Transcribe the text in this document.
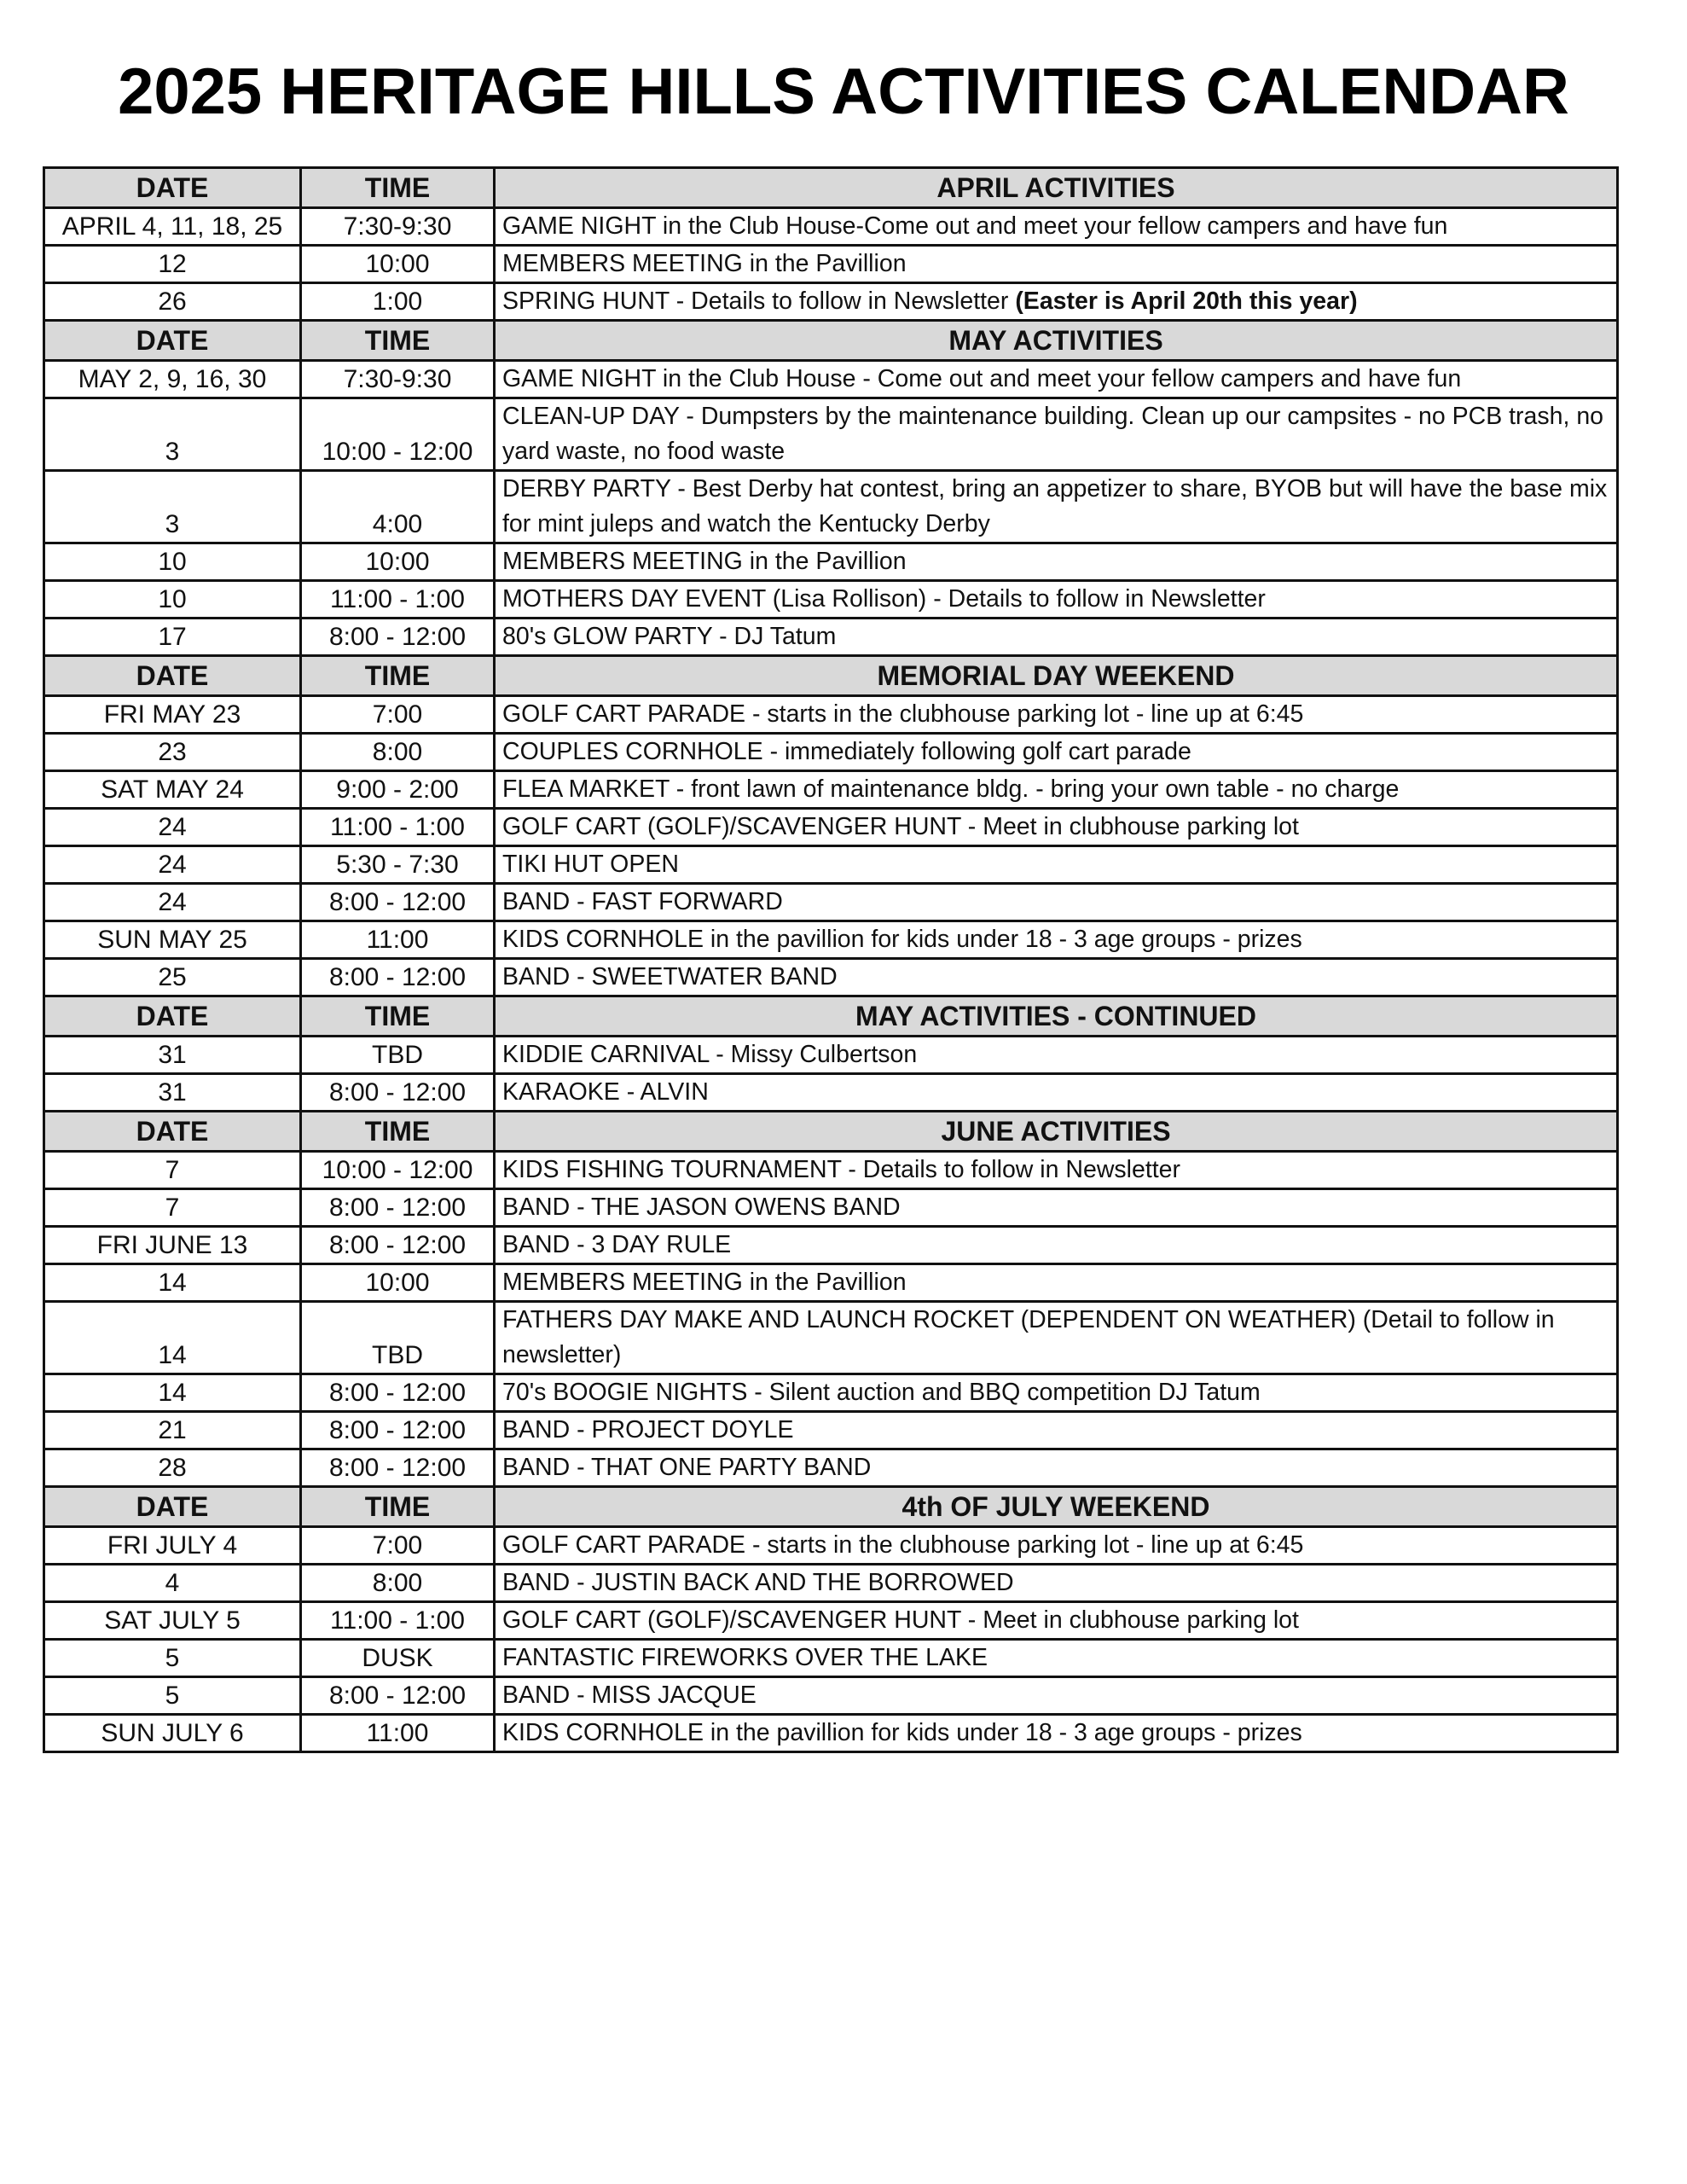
2025 HERITAGE HILLS ACTIVITIES CALENDAR
DATE	TIME	APRIL ACTIVITIES
APRIL 4, 11, 18, 25	7:30-9:30	GAME NIGHT in the Club House-Come out and meet your fellow campers and have fun
12	10:00	MEMBERS MEETING in the Pavillion
26	1:00	SPRING HUNT - Details to follow in Newsletter (Easter is April 20th this year)
DATE	TIME	MAY ACTIVITIES
MAY 2, 9, 16, 30	7:30-9:30	GAME NIGHT in the Club House - Come out and meet your fellow campers and have fun
3	10:00 - 12:00	CLEAN-UP DAY - Dumpsters by the maintenance building. Clean up our campsites - no PCB trash, no yard waste, no food waste
3	4:00	DERBY PARTY - Best Derby hat contest, bring an appetizer to share, BYOB but will have the base mix for mint juleps and watch the Kentucky Derby
10	10:00	MEMBERS MEETING in the Pavillion
10	11:00 - 1:00	MOTHERS DAY EVENT (Lisa Rollison) - Details to follow in Newsletter
17	8:00 - 12:00	80's GLOW PARTY - DJ Tatum
DATE	TIME	MEMORIAL DAY WEEKEND
FRI MAY 23	7:00	GOLF CART PARADE - starts in the clubhouse parking lot - line up at 6:45
23	8:00	COUPLES CORNHOLE - immediately following golf cart parade
SAT MAY 24	9:00 - 2:00	FLEA MARKET - front lawn of maintenance bldg. - bring your own table - no charge
24	11:00 - 1:00	GOLF CART (GOLF)/SCAVENGER HUNT - Meet in clubhouse parking lot
24	5:30 - 7:30	TIKI HUT OPEN
24	8:00 - 12:00	BAND - FAST FORWARD
SUN MAY 25	11:00	KIDS CORNHOLE in the pavillion for kids under 18 - 3 age groups - prizes
25	8:00 - 12:00	BAND - SWEETWATER BAND
DATE	TIME	MAY ACTIVITIES - CONTINUED
31	TBD	KIDDIE CARNIVAL - Missy Culbertson
31	8:00 - 12:00	KARAOKE - ALVIN
DATE	TIME	JUNE ACTIVITIES
7	10:00 - 12:00	KIDS FISHING TOURNAMENT - Details to follow in Newsletter
7	8:00 - 12:00	BAND - THE JASON OWENS BAND
FRI JUNE 13	8:00 - 12:00	BAND - 3 DAY RULE
14	10:00	MEMBERS MEETING in the Pavillion
14	TBD	FATHERS DAY MAKE AND LAUNCH ROCKET (DEPENDENT ON WEATHER) (Detail to follow in newsletter)
14	8:00 - 12:00	70's BOOGIE NIGHTS - Silent auction and BBQ competition DJ Tatum
21	8:00 - 12:00	BAND - PROJECT DOYLE
28	8:00 - 12:00	BAND - THAT ONE PARTY BAND
DATE	TIME	4th OF JULY WEEKEND
FRI JULY 4	7:00	GOLF CART PARADE - starts in the clubhouse parking lot - line up at 6:45
4	8:00	BAND - JUSTIN BACK AND THE BORROWED
SAT JULY 5	11:00 - 1:00	GOLF CART (GOLF)/SCAVENGER HUNT - Meet in clubhouse parking lot
5	DUSK	FANTASTIC FIREWORKS OVER THE LAKE
5	8:00 - 12:00	BAND - MISS JACQUE
SUN JULY 6	11:00	KIDS CORNHOLE in the pavillion for kids under 18 - 3 age groups - prizes
